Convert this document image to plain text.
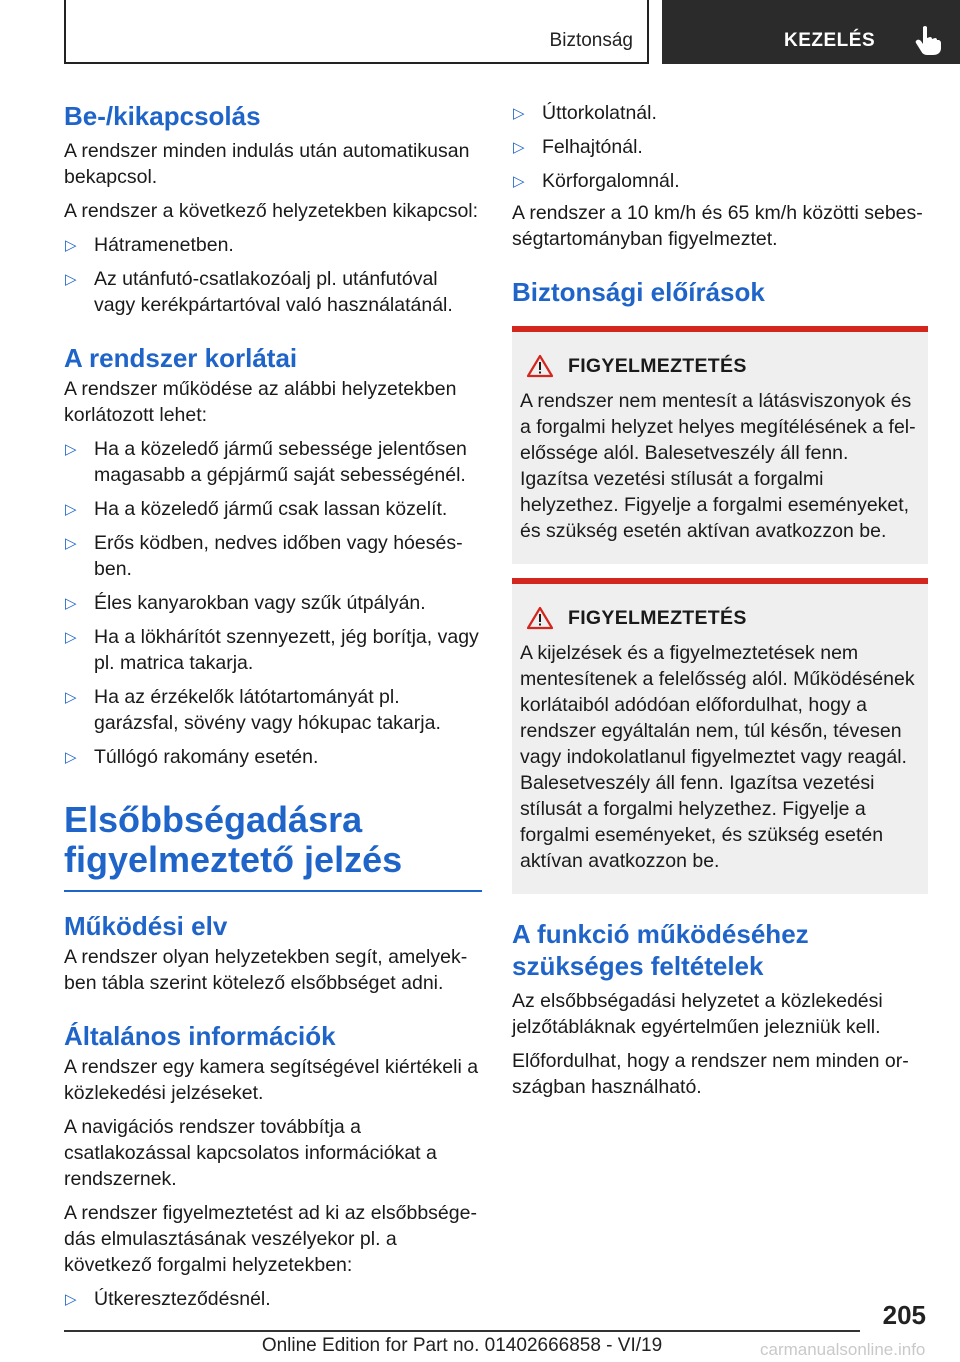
Biztonság	KEZELÉS
Be-/kikapcsolás

A rendszer minden indulás után automatikusan bekapcsol.

A rendszer a következő helyzetekben kikapcsol:

▷ Hátramenetben.
▷ Az utánfutó-csatlakozóalj pl. utánfutóval vagy kerékpártartóval való használatánál.
A rendszer korlátai

A rendszer működése az alábbi helyzetekben korlátozott lehet:

▷ Ha a közeledő jármű sebessége jelentősen magasabb a gépjármű saját sebességénél.
▷ Ha a közeledő jármű csak lassan közelít.
▷ Erős ködben, nedves időben vagy hóesésben.
▷ Éles kanyarokban vagy szűk útpályán.
▷ Ha a lökhárítót szennyezett, jég borítja, vagy pl. matrica takarja.
▷ Ha az érzékelők látótartományát pl. garázsfal, sövény vagy hókupac takarja.
▷ Túllógó rakomány esetén.
Elsőbbségadásra
figyelmeztető jelzés
Működési elv

A rendszer olyan helyzetekben segít, amelyekben tábla szerint kötelező elsőbbséget adni.

Általános információk

A rendszer egy kamera segítségével kiértékeli a közlekedési jelzéseket.

A navigációs rendszer továbbítja a csatlakozással kapcsolatos információkat a rendszernek.

A rendszer figyelmeztetést ad ki az elsőbbségedás elmulasztásának veszélyekor pl. a következő forgalmi helyzetekben:

▷ Útkereszteződésnél.
▷ Úttorkolatnál.
▷ Felhajtónál.
▷ Körforgalomnál.

A rendszer a 10 km/h és 65 km/h közötti sebességtartományban figyelmeztet.

Biztonsági előírások
FIGYELMEZTETÉS

A rendszer nem mentesít a látásviszonyok és a forgalmi helyzet helyes megítélésének a felelőssége alól. Balesetveszély áll fenn. Igazítsa vezetési stílusát a forgalmi helyzethez. Figyelje a forgalmi eseményeket, és szükség esetén aktívan avatkozzon be.

FIGYELMEZTETÉS

A kijelzések és a figyelmeztetések nem mentesítenek a felelősség alól. Működésének korlátaiból adódóan előfordulhat, hogy a rendszer egyáltalán nem, túl későn, tévesen vagy indokolatlanul figyelmeztet vagy reagál. Balesetveszély áll fenn. Igazítsa vezetési stílusát a forgalmi helyzethez. Figyelje a forgalmi eseményeket, és szükség esetén aktívan avatkozzon be.

A funkció működéséhez szükséges feltételek

Az elsőbbségadási helyzetet a közlekedési jelzőtábláknak egyértelműen jelezniük kell.

Előfordulhat, hogy a rendszer nem minden országban használható.

205
Online Edition for Part no. 01402666858 - VI/19	carmanualsonline.info
